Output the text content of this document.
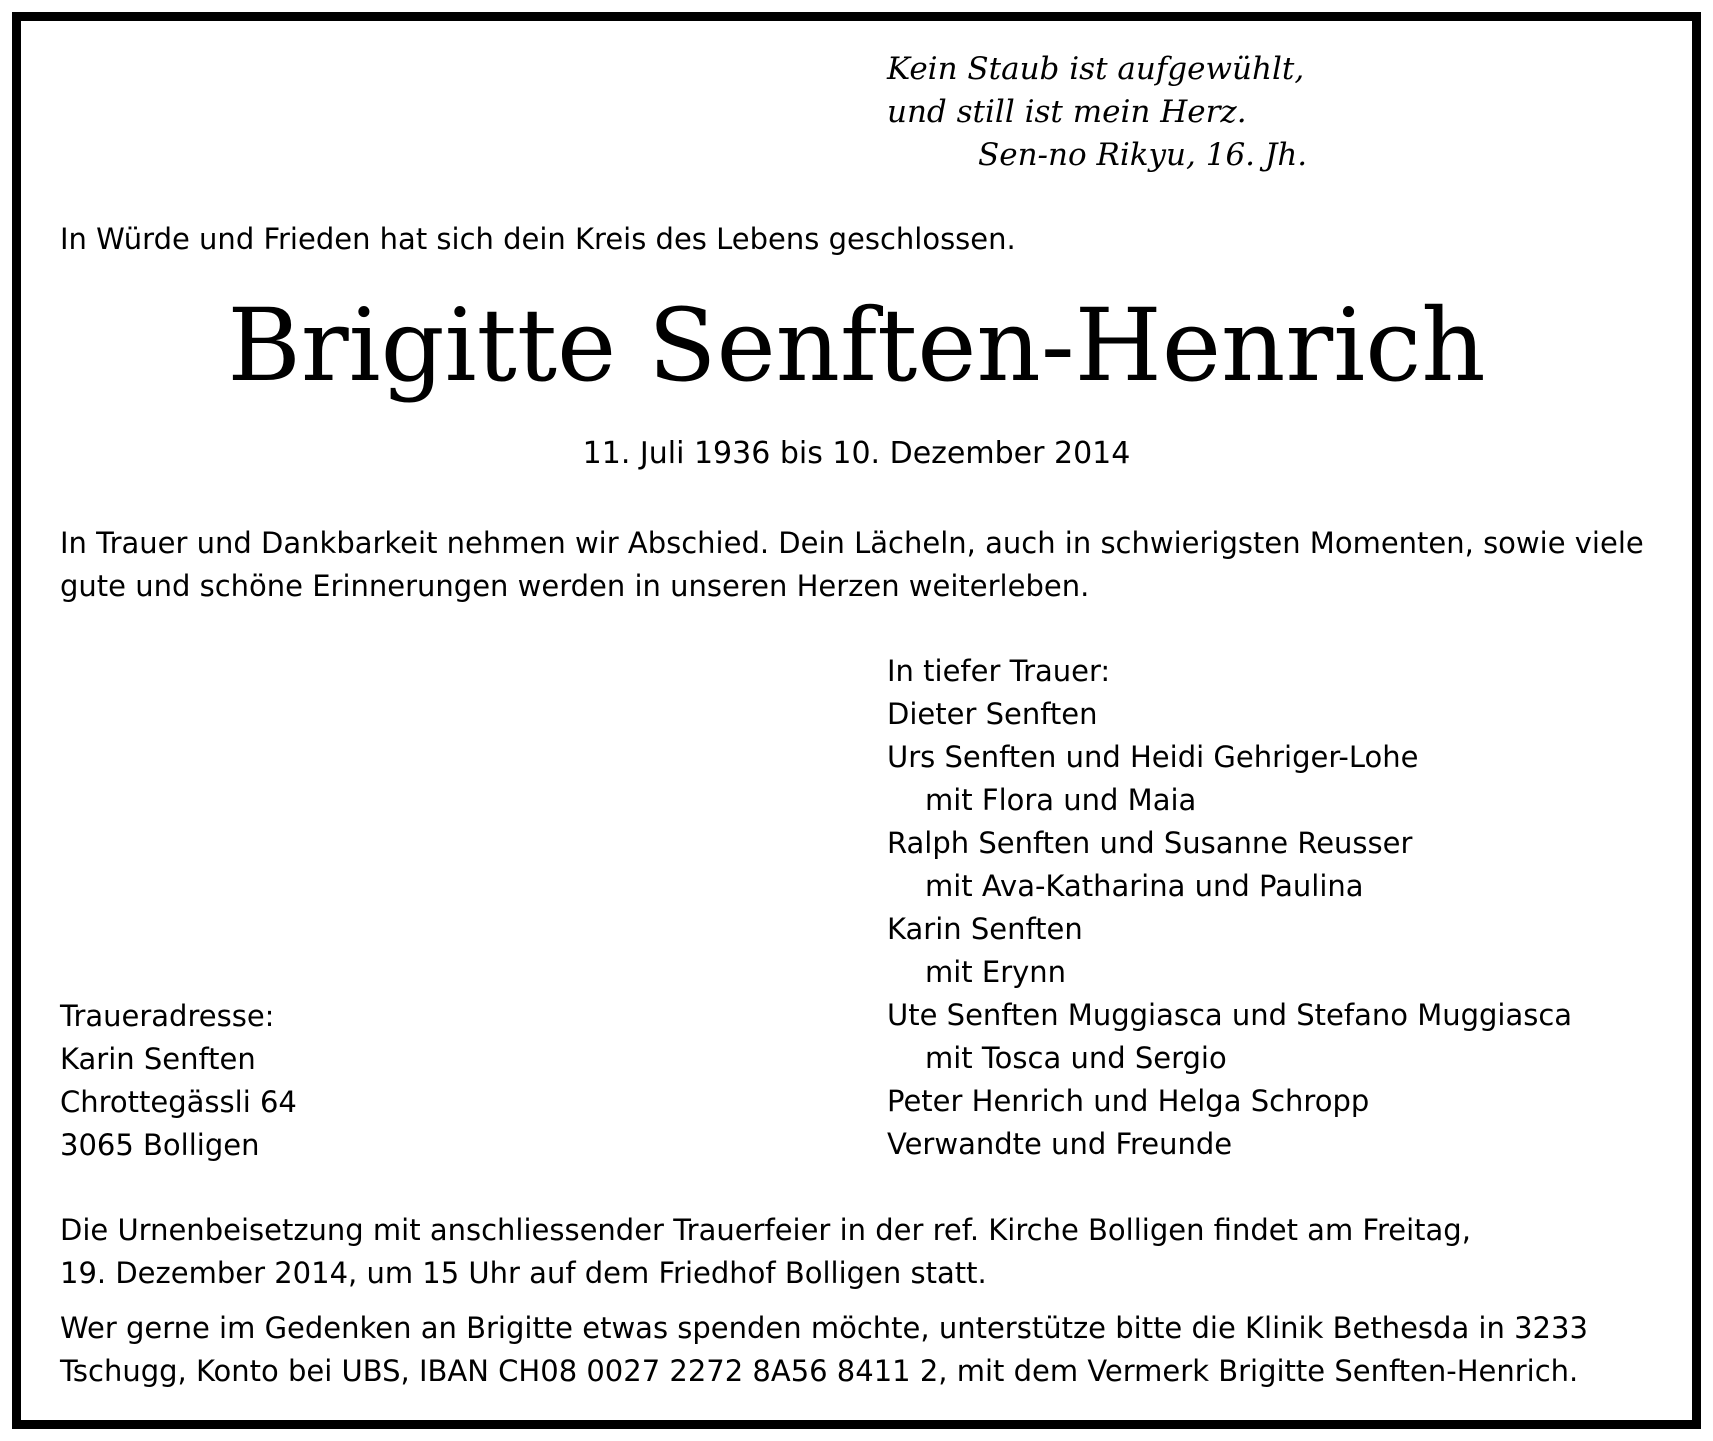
Kein Staub ist aufgewühlt,
und still ist mein Herz.
Sen-no Rikyu, 16. Jh.
In Würde und Frieden hat sich dein Kreis des Lebens geschlossen.
Brigitte Senften-Henrich
11. Juli 1936 bis 10. Dezember 2014
In Trauer und Dankbarkeit nehmen wir Abschied. Dein Lächeln, auch in schwierigsten Momenten, sowie viele
gute und schöne Erinnerungen werden in unseren Herzen weiterleben.
In tiefer Trauer:
Dieter Senften
Urs Senften und Heidi Gehriger-Lohe
mit Flora und Maia
Ralph Senften und Susanne Reusser
mit Ava-Katharina und Paulina
Karin Senften
mit Erynn
Ute Senften Muggiasca und Stefano Muggiasca
mit Tosca und Sergio
Peter Henrich und Helga Schropp
Verwandte und Freunde
Traueradresse:
Karin Senften
Chrottegässli 64
3065 Bolligen
Die Urnenbeisetzung mit anschliessender Trauerfeier in der ref. Kirche Bolligen findet am Freitag,
19. Dezember 2014, um 15 Uhr auf dem Friedhof Bolligen statt.
Wer gerne im Gedenken an Brigitte etwas spenden möchte, unterstütze bitte die Klinik Bethesda in 3233
Tschugg, Konto bei UBS, IBAN CH08 0027 2272 8A56 8411 2, mit dem Vermerk Brigitte Senften-Henrich.
